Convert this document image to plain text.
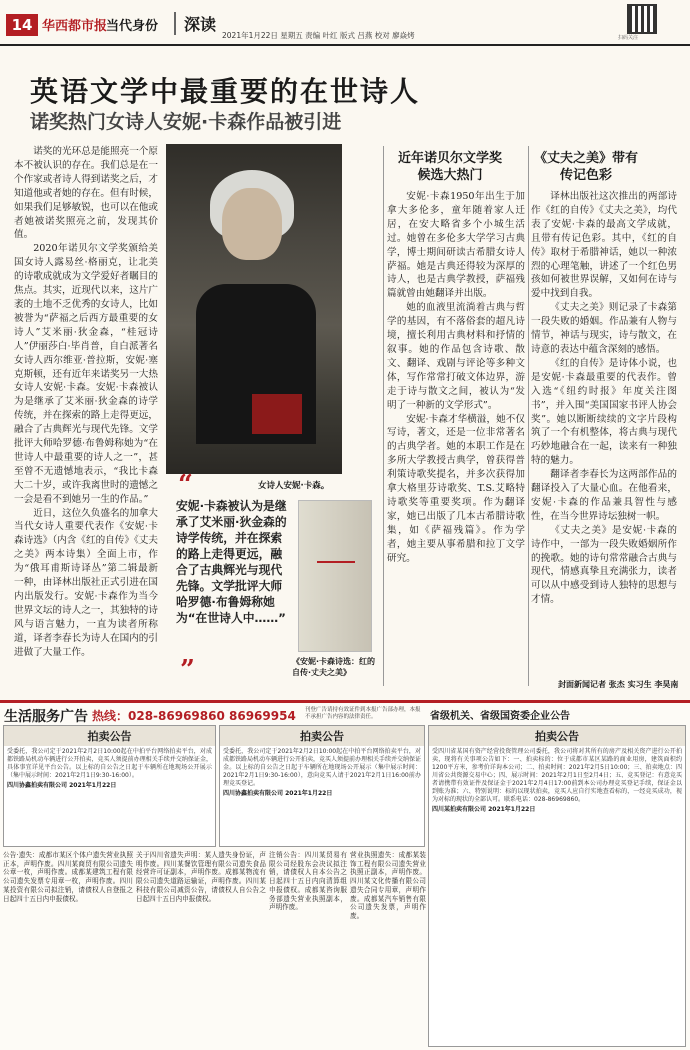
14 华西都市报
当代身份	深读
2021年1月22日 星期五 责编 叶红 版式 吕燕 校对 廖焱烤	扫码关注
英语文学中最重要的在世诗人
诺奖热门女诗人安妮·卡森作品被引进

诺奖的光环总是能照亮一个原本不被认识的存在。我们总是在一个作家或者诗人得到诺奖之后，才知道他或者她的存在。但有时候，如果我们足够敏锐，也可以在他或者她被诺奖照亮之前，发现其价值。

2020年诺贝尔文学奖颁给美国女诗人露易丝·格丽克，让北美的诗歌成就成为文学爱好者瞩目的焦点。其实，近现代以来，这片广袤的土地不乏优秀的女诗人，比如被誉为“萨福之后西方最重要的女诗人”艾米丽·狄金森，“桂冠诗人”伊丽莎白·毕肖普，自白派著名女诗人西尔维亚·普拉斯，安妮·塞克斯顿，还有近年来诺奖另一大热女诗人安妮·卡森。安妮·卡森被认为是继承了艾米丽·狄金森的诗学传统，并在探索的路上走得更远，融合了古典辉光与现代先锋。文学批评大师哈罗德·布鲁姆称她为“在世诗人中最重要的诗人之一”，甚至曾不无遗憾地表示，“我比卡森大二十岁，或许我离世时的遗憾之一会是看不到她另一生的作品。”

近日，这位久负盛名的加拿大当代女诗人重要代表作《安妮·卡森诗选》（内含《红的自传》《丈夫之美》两本诗集）全面上市，作为“俄耳甫斯诗译丛”第二辑最新一种，由译林出版社正式引进在国内出版发行。安妮·卡森作为当今世界文坛的诗人之一，其独特的诗风与语言魅力，一直为读者所称道，译者李春长为诗人在国内的引进做了大量工作。

女诗人安妮·卡森。
“
安妮·卡森被认为是继承了艾米丽·狄金森的诗学传统，并在探索的路上走得更远，融合了古典辉光与现代先锋。文学批评大师哈罗德·布鲁姆称她为“在世诗人中……”
”	《安妮·卡森诗选：红的自传·丈夫之美》
近年诺贝尔文学奖候选大热门

安妮·卡森1950年出生于加拿大多伦多，童年随着家人迁居，在安大略省多个小城生活过。她曾在多伦多大学学习古典学，博士期间研读古希腊女诗人萨福。她是古典还得较为深厚的诗人，也是古典学教授，萨福残篇就曾由她翻译并出版。

她的血液里流淌着古典与哲学的基因，有不落俗套的超凡诗境，擅长利用古典材料和抒情的叙事。她的作品包含诗歌、散文、翻译、戏剧与评论等多种文体，写作常常打破文体边界，游走于诗与散文之间，被认为“发明了一种新的文学形式”。

安妮·卡森才华横溢，她不仅写诗，著文，还是一位非常著名的古典学者。她的本职工作是在多所大学教授古典学，曾获得普利策诗歌奖提名，并多次获得加拿大格里芬诗歌奖、T.S.艾略特诗歌奖等重要奖项。作为翻译家，她已出版了几本古希腊诗歌集，如《萨福残篇》。作为学者，她主要从事希腊和拉丁文学研究。

《丈夫之美》带有传记色彩

译林出版社这次推出的两部诗作《红的自传》《丈夫之美》，均代表了安妮·卡森的最高文学成就，且带有传记色彩。其中，《红的自传》取材于希腊神话，她以一种浓烈的心理笔触，讲述了一个红色男孩如何被世界误解，又如何在诗与爱中找到自我。

《丈夫之美》则记录了卡森第一段失败的婚姻。作品兼有人物与情节，神话与现实，诗与散文，在诗意的表达中蕴含深刻的感悟。

《红的自传》是诗体小说，也是安妮·卡森最重要的代表作。曾入选“《纽约时报》年度关注图书”，并入围“美国国家书评人协会奖”。她以断断续续的文字片段构筑了一个有机整体，将古典与现代巧妙地融合在一起，读来有一种独特的魅力。

翻译者李春长为这两部作品的翻译投入了大量心血。在他看来，安妮·卡森的作品兼具智性与感性，在当今世界诗坛独树一帜。

《丈夫之美》是安妮·卡森的诗作中，一部为一段失败婚姻所作的挽歌。她的诗句常常融合古典与现代，情感真挚且充满张力，读者可以从中感受到诗人独特的思想与才情。

封面新闻记者 张杰 实习生 李昊南
生活服务广告 热线：028-86969860 86969954 刊登广告请持有效证件到本报广告部办理，本报不承担广告内容的法律责任。	省级机关、省级国资委企业公告
拍卖公告
受委托，我公司定于2021年2月2日10:00起在中拍平台网络拍卖平台，对成都铁路局机动车辆进行公开拍卖，竞买人须提前办理相关手续并交纳保证金，具体事宜详见平台公告。以上标的自公告之日起于车辆所在地现场公开展示（集中展示时间：2021年2月1日9:30-16:00）。
四川协鑫拍卖有限公司 2021年1月22日
拍卖公告
受委托，我公司定于2021年2月2日10:00起在中拍平台网络拍卖平台，对成都铁路局机动车辆进行公开拍卖，竞买人须提前办理相关手续并交纳保证金。以上标的自公告之日起于车辆所在地现场公开展示（集中展示时间：2021年2月1日9:30-16:00），意向竞买人请于2021年2月1日16:00前办理竞买登记。
四川协鑫拍卖有限公司 2021年1月22日
拍卖公告
受四川省某国有资产经营投资管理公司委托，我公司将对其所有的房产及相关资产进行公开拍卖，现将有关事项公告如下：一、拍卖标的：位于成都市某区某路的商业用房，建筑面积约1200平方米，参考价详询本公司；二、拍卖时间：2021年2月5日10:00；三、拍卖地点：四川省公共资源交易中心；四、展示时间：2021年2月1日至2月4日；五、竞买登记：有意竞买者请携带有效证件及保证金于2021年2月4日17:00前到本公司办理竞买登记手续，保证金以到账为准；六、特别说明：标的以现状拍卖，竞买人应自行实地查看标的，一经竞买成功，视为对标的现状的全部认可。联系电话：028-86969860。
四川某拍卖有限公司 2021年1月22日
公告·遗失：成都市某区个体户遗失营业执照正本，声明作废。四川某商贸有限公司遗失公章一枚，声明作废。成都某建筑工程有限公司遗失发票专用章一枚，声明作废。四川某投资有限公司拟注销，请债权人自登报之日起四十五日内申报债权。
关于四川省遗失声明：某人遗失身份证，声明作废。四川某餐饮管理有限公司遗失食品经营许可证副本，声明作废。成都某物流有限公司遗失道路运输证，声明作废。四川某科技有限公司减资公告，请债权人自公告之日起四十五日内申报债权。
注销公告：四川某贸易有限公司经股东会决议拟注销，请债权人自本公告之日起四十五日内向清算组申报债权。成都某咨询服务部遗失营业执照副本，声明作废。
营业执照遗失：成都某装饰工程有限公司遗失营业执照正副本，声明作废。四川某文化传播有限公司遗失合同专用章，声明作废。成都某汽车销售有限公司遗失发票，声明作废。
